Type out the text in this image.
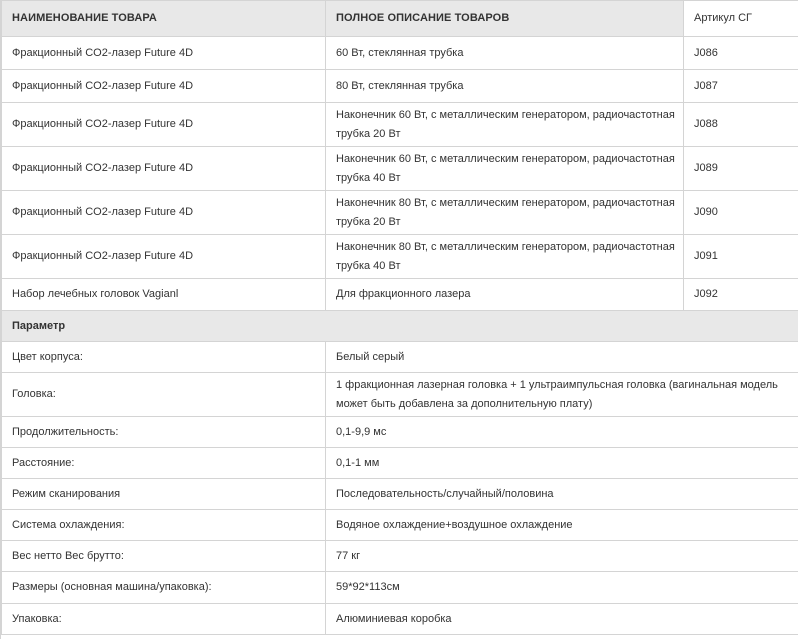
НАИМЕНОВАНИЕ ТОВАРА	ПОЛНОЕ ОПИСАНИЕ ТОВАРОВ	Артикул СГ
Фракционный CO2-лазер Future 4D	60 Вт, стеклянная трубка	J086
Фракционный CO2-лазер Future 4D	80 Вт, стеклянная трубка	J087
Фракционный CO2-лазер Future 4D	Наконечник 60 Вт, с металлическим генератором, радиочастотная трубка 20 Вт	J088
Фракционный CO2-лазер Future 4D	Наконечник 60 Вт, с металлическим генератором, радиочастотная трубка 40 Вт	J089
Фракционный CO2-лазер Future 4D	Наконечник 80 Вт, с металлическим генератором, радиочастотная трубка 20 Вт	J090
Фракционный CO2-лазер Future 4D	Наконечник 80 Вт, с металлическим генератором, радиочастотная трубка 40 Вт	J091
Набор лечебных головок Vagianl	Для фракционного лазера	J092
Параметр		
Цвет корпуса:	Белый серый	
Головка:	1 фракционная лазерная головка + 1 ультраимпульсная головка (вагинальная модель может быть добавлена за дополнительную плату)	
Продолжительность:	0,1-9,9 мс	
Расстояние:	0,1-1 мм	
Режим сканирования	Последовательность/случайный/половина	
Система охлаждения:	Водяное охлаждение+воздушное охлаждение	
Вес нетто Вес брутто:	77 кг	
Размеры (основная машина/упаковка):	59*92*113см	
Упаковка:	Алюминиевая коробка	
